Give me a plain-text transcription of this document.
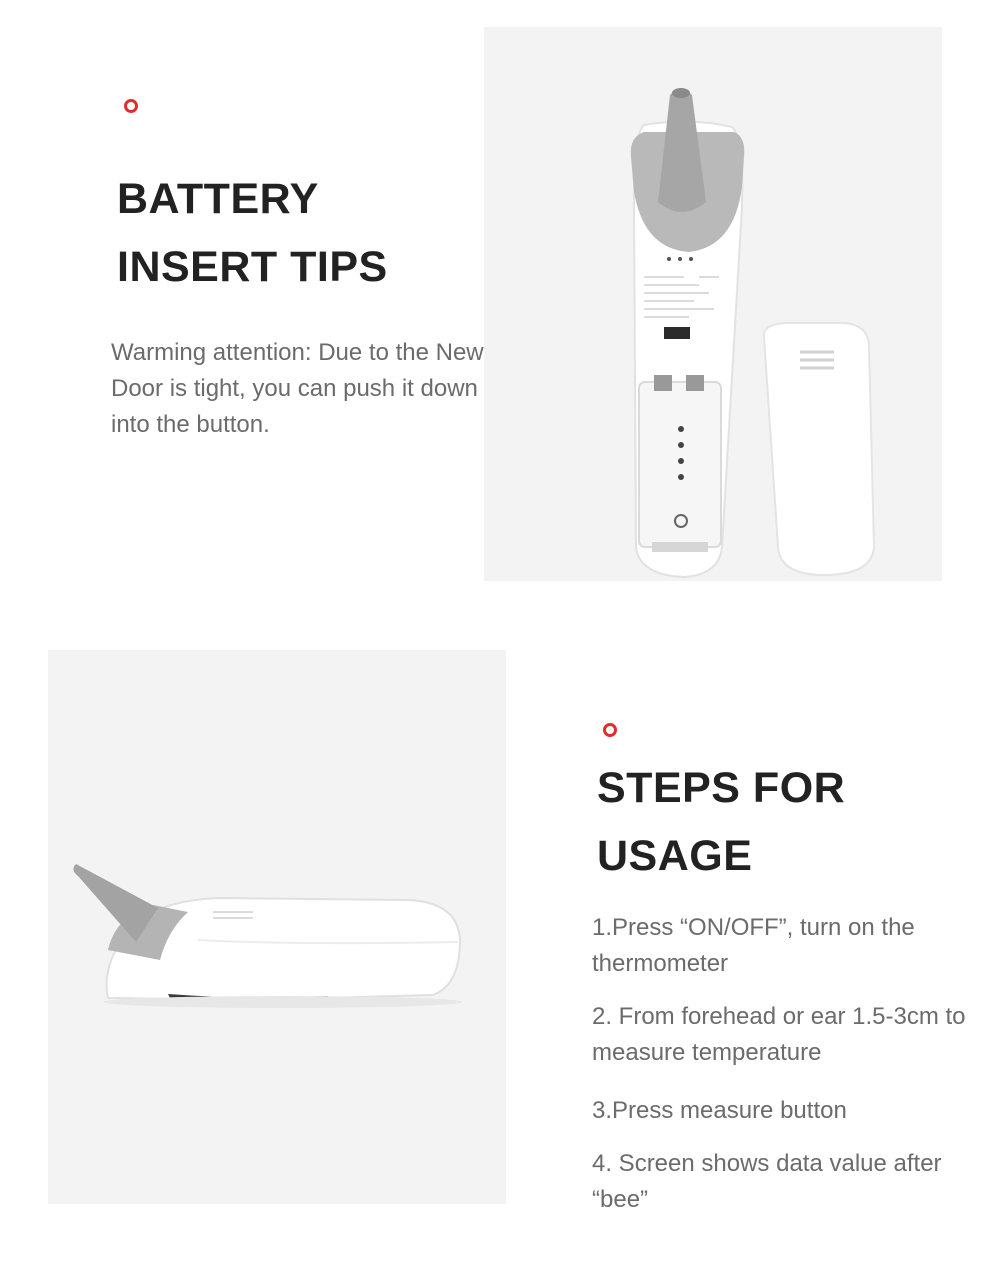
BATTERY
INSERT TIPS

Warming attention: Due to the New Door is tight, you can push it down into the button.

STEPS FOR
USAGE
1.Press “ON/OFF”, turn on the thermometer
2. From forehead or ear 1.5-3cm to measure temperature
3.Press measure button
4. Screen shows data value after “bee”
